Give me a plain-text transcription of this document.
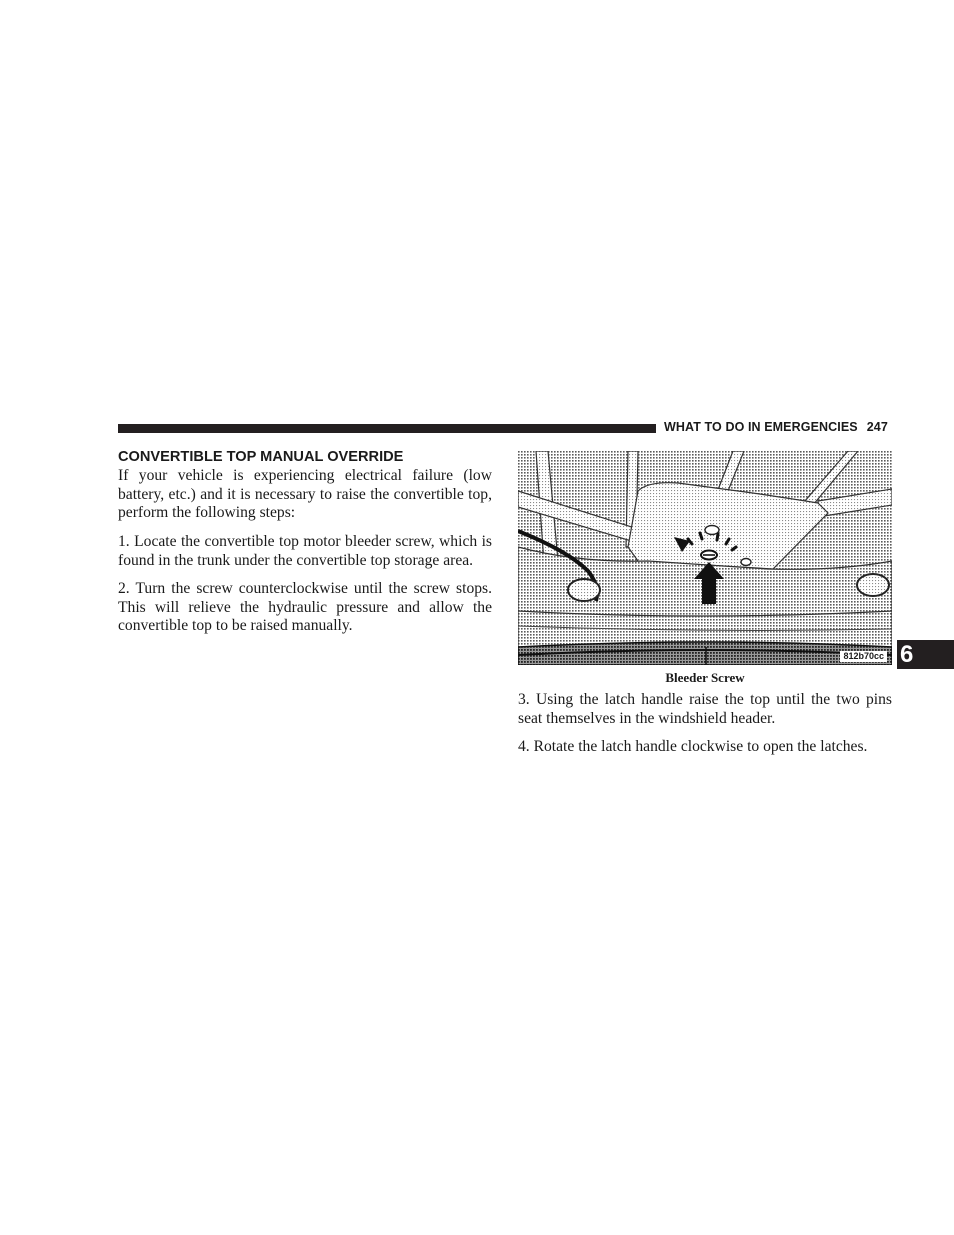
WHAT TO DO IN EMERGENCIES 247
CONVERTIBLE TOP MANUAL OVERRIDE

If your vehicle is experiencing electrical failure (low battery, etc.) and it is necessary to raise the convertible top, perform the following steps:

1. Locate the convertible top motor bleeder screw, which is found in the trunk under the convertible top storage area.

2. Turn the screw counterclockwise until the screw stops. This will relieve the hydraulic pressure and allow the convertible top to be raised manually.

812b70cc
Bleeder Screw

3. Using the latch handle raise the top until the two pins seat themselves in the windshield header.

4. Rotate the latch handle clockwise to open the latches.

6
